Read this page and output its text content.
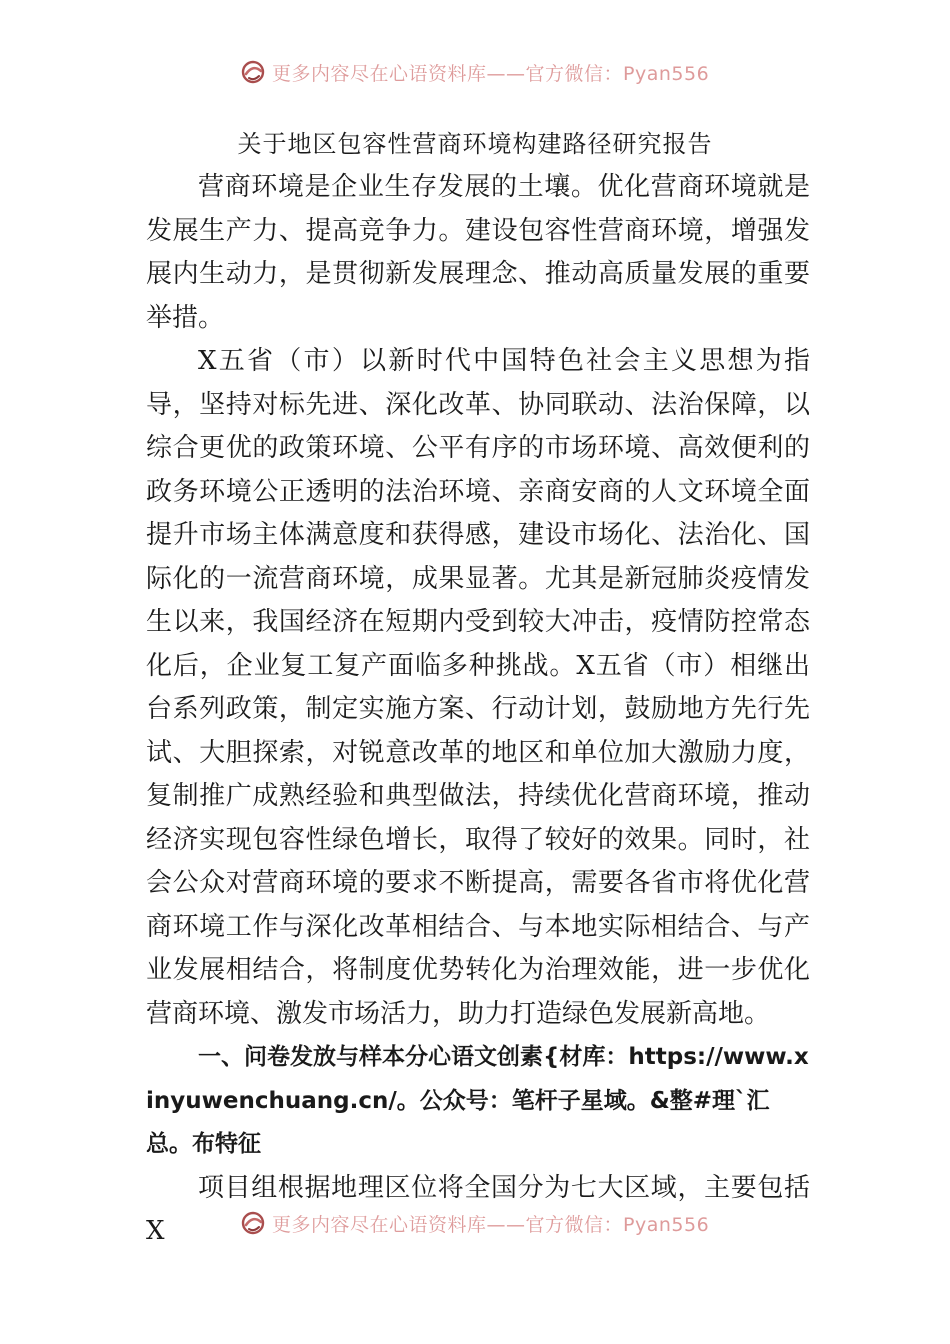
更多内容尽在心语资料库——官方微信：Pyan556
关于地区包容性营商环境构建路径研究报告

营商环境是企业生存发展的土壤。优化营商环境就是发展生产力、提高竞争力。建设包容性营商环境，增强发展内生动力，是贯彻新发展理念、推动高质量发展的重要举措。

X五省（市）以新时代中国特色社会主义思想为指导，坚持对标先进、深化改革、协同联动、法治保障，以综合更优的政策环境、公平有序的市场环境、高效便利的政务环境公正透明的法治环境、亲商安商的人文环境全面提升市场主体满意度和获得感，建设市场化、法治化、国际化的一流营商环境，成果显著。尤其是新冠肺炎疫情发生以来，我国经济在短期内受到较大冲击，疫情防控常态化后，企业复工复产面临多种挑战。X五省（市）相继出台系列政策，制定实施方案、行动计划，鼓励地方先行先试、大胆探索，对锐意改革的地区和单位加大激励力度，复制推广成熟经验和典型做法，持续优化营商环境，推动经济实现包容性绿色增长，取得了较好的效果。同时，社会公众对营商环境的要求不断提高，需要各省市将优化营商环境工作与深化改革相结合、与本地实际相结合、与产业发展相结合，将制度优势转化为治理效能，进一步优化营商环境、激发市场活力，助力打造绿色发展新高地。

一、问卷发放与样本分心语文创素{材库：https://www.xinyuwenchuang.cn/。公众号：笔杆子星域。&整#理`汇总。布特征

项目组根据地理区位将全国分为七大区域，主要包括X	更多内容尽在心语资料库——官方微信：Pyan556
